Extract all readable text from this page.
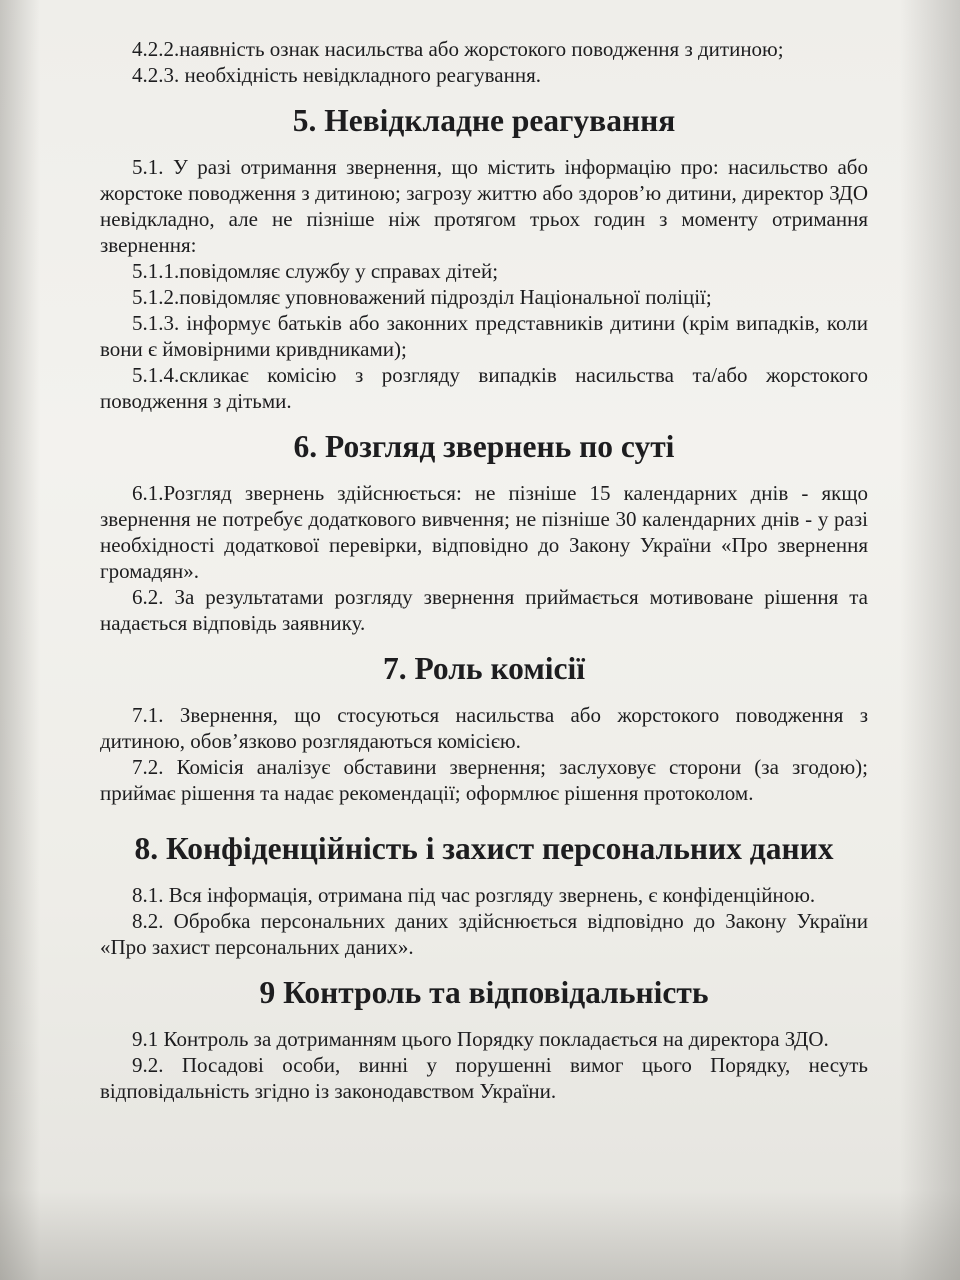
4.2.2.наявність ознак насильства або жорстокого поводження з дитиною;

4.2.3. необхідність невідкладного реагування.

5. Невідкладне реагування

5.1. У разі отримання звернення, що містить інформацію про: насильство або жорстоке поводження з дитиною; загрозу життю або здоров’ю дитини, директор ЗДО невідкладно, але не пізніше ніж протягом трьох годин з моменту отримання звернення:

5.1.1.повідомляє службу у справах дітей;

5.1.2.повідомляє уповноважений підрозділ Національної поліції;

5.1.3. інформує батьків або законних представників дитини (крім випадків, коли вони є ймовірними кривдниками);

5.1.4.скликає комісію з розгляду випадків насильства та/або жорстокого поводження з дітьми.

6. Розгляд звернень по суті

6.1.Розгляд звернень здійснюється: не пізніше 15 календарних днів - якщо звернення не потребує додаткового вивчення; не пізніше 30 календарних днів - у разі необхідності додаткової перевірки, відповідно до Закону України «Про звернення громадян».

6.2. За результатами розгляду звернення приймається мотивоване рішення та надається відповідь заявнику.

7. Роль комісії

7.1. Звернення, що стосуються насильства або жорстокого поводження з дитиною, обов’язково розглядаються комісією.

7.2. Комісія аналізує обставини звернення; заслуховує сторони (за згодою); приймає рішення та надає рекомендації; оформлює рішення протоколом.

8. Конфіденційність і захист персональних даних

8.1. Вся інформація, отримана під час розгляду звернень, є конфіденційною.

8.2. Обробка персональних даних здійснюється відповідно до Закону України «Про захист персональних даних».

9 Контроль та відповідальність

9.1 Контроль за дотриманням цього Порядку покладається на директора ЗДО.

9.2. Посадові особи, винні у порушенні вимог цього Порядку, несуть відповідальність згідно із законодавством України.
